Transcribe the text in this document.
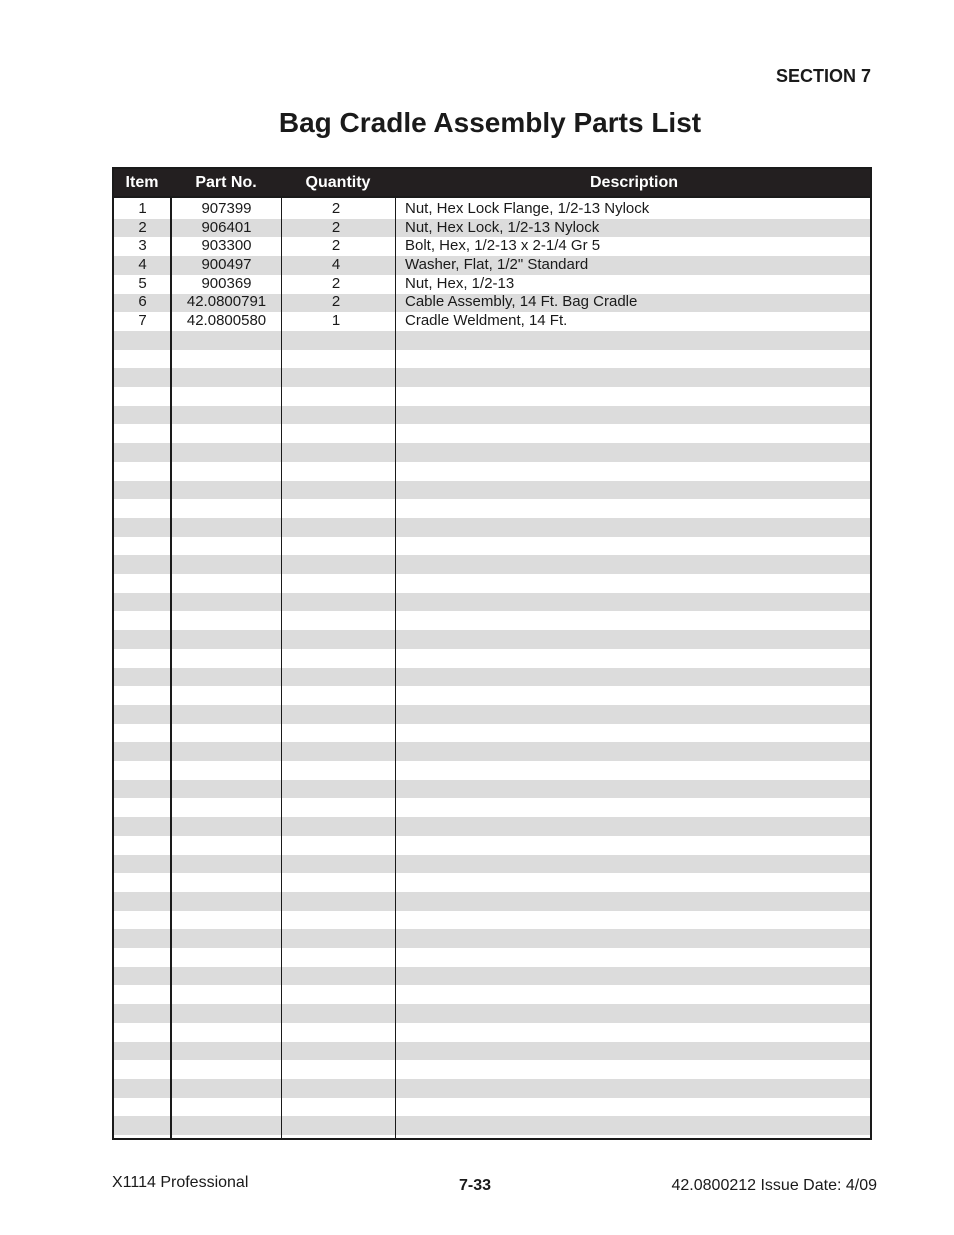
SECTION 7
Bag Cradle Assembly Parts List
Item	Part No.	Quantity	Description
1	907399	2	Nut, Hex Lock Flange, 1/2-13 Nylock
2	906401	2	Nut, Hex Lock, 1/2-13 Nylock
3	903300	2	Bolt, Hex, 1/2-13 x 2-1/4 Gr 5
4	900497	4	Washer, Flat, 1/2" Standard
5	900369	2	Nut, Hex, 1/2-13
6	42.0800791	2	Cable Assembly, 14 Ft. Bag Cradle
7	42.0800580	1	Cradle Weldment, 14 Ft.
X1114 Professional	7-33	42.0800212 Issue Date: 4/09
